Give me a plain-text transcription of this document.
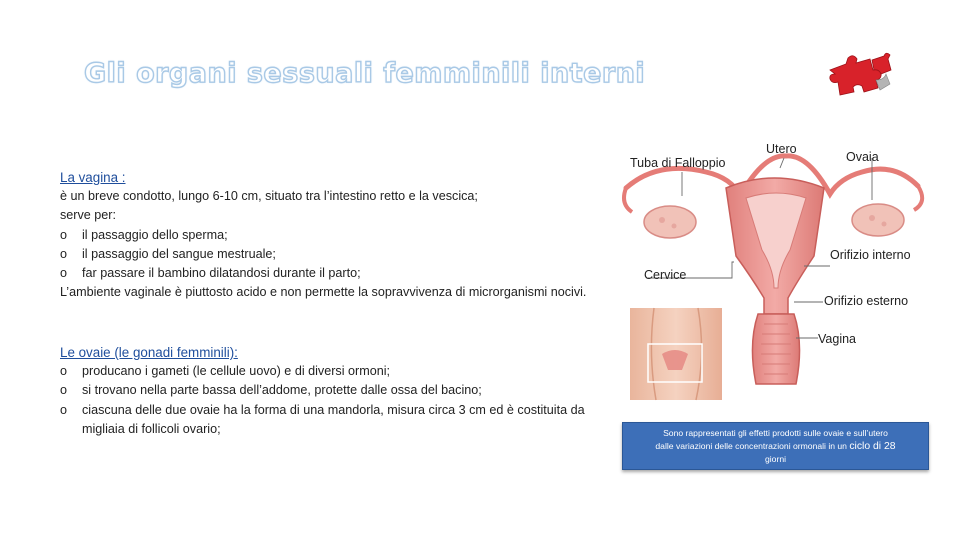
Gli organi sessuali femminili interni
La vagina :
è un breve condotto, lungo 6-10 cm, situato tra l’intestino retto e la vescica;
serve per:
o il passaggio dello sperma;
o il passaggio del sangue mestruale;
o far passare il bambino dilatandosi durante il parto;
L’ambiente vaginale è piuttosto acido e non permette la sopravvivenza di microrganismi nocivi.
Le ovaie (le gonadi femminili):
o producano i gameti (le cellule uovo) e di diversi ormoni;
o si trovano nella parte bassa dell’addome, protette dalle ossa del bacino;
o ciascuna delle due ovaie ha la forma di una mandorla, misura circa 3 cm ed è costituita da migliaia di follicoli ovario;
Tuba di Falloppio
Utero
Ovaia
Orifizio interno
Cervice
Orifizio esterno
Vagina
Sono rappresentati gli effetti prodotti sulle ovaie e sull’utero
dalle variazioni delle concentrazioni ormonali in un ciclo di 28
giorni
